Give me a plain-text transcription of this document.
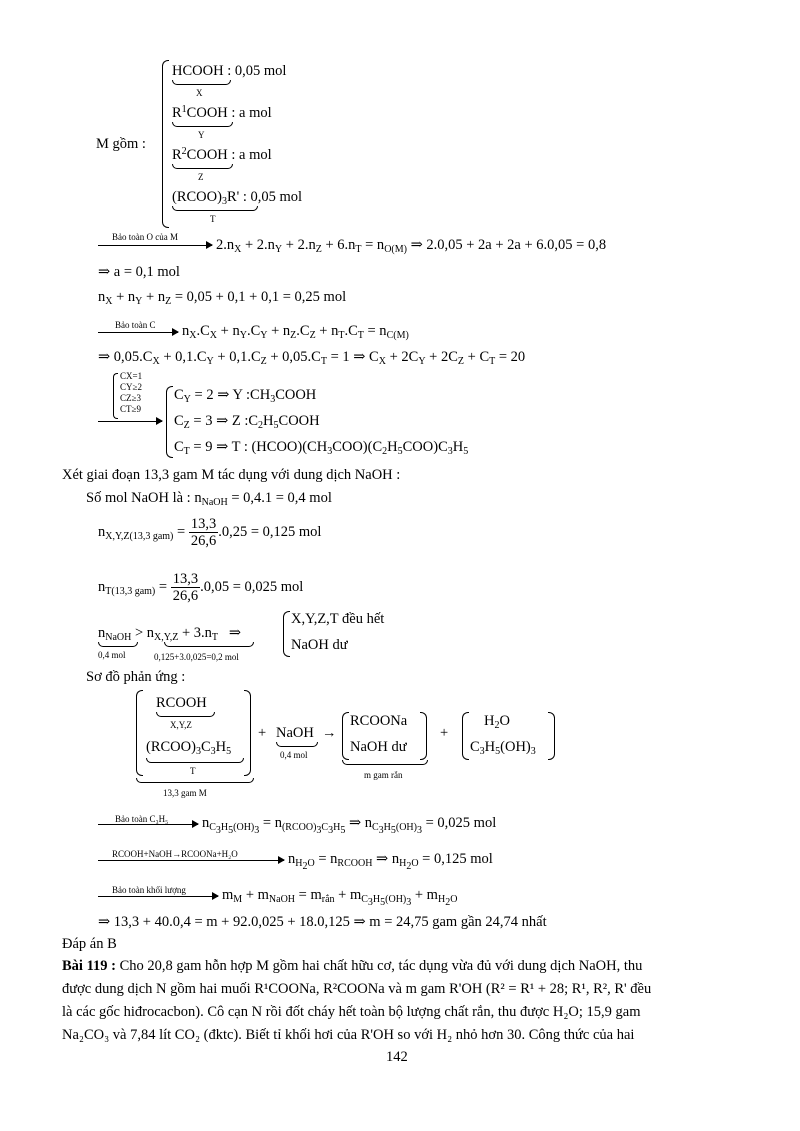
M gồm :
HCOOH : 0,05 mol
X
$R^1COOH$ : a mol
Y
$R^2COOH$ : a mol
Z
$(RCOO)_3R'$ : 0,05 mol
T
Bảo toàn O của M	$2.n_X + 2.n_Y + 2.n_Z + 6.n_T = n_{O(M)}$ ⇒ 2.0,05 + 2a + 2a + 6.0,05 = 0,8
⇒ a = 0,1 mol
$n_X + n_Y + n_Z = 0,05 + 0,1 + 0,1 = 0,25$ mol
Bảo toàn C $n_X.C_X + n_Y.C_Y + n_Z.C_Z + n_T.C_T = n_{C(M)}$
⇒ $0,05.C_X + 0,1.C_Y + 0,1.C_Z + 0,05.C_T = 1$ ⇒ $C_X + 2C_Y + 2C_Z + C_T = 20$
CX=1
CY≥2
CZ≥3
CT≥9
$C_Y = 2$ ⇒ Y $:CH_3COOH$
$C_Z = 3$ ⇒ Z $:C_2H_5COOH$
$C_T = 9$ ⇒ T : $(HCOO)(CH_3COO)(C_2H_5COO)C_3H_5$
Xét giai đoạn 13,3 gam M tác dụng với dung dịch NaOH :
Số mol NaOH là : $n_{NaOH} = 0,4.1 = 0,4$ mol
$n_{X,Y,Z(13,3 gam)} = \frac{13,3}{26,6} .0,25 = 0,125$ mol
$n_{T(13,3 gam)} = \frac{13,3}{26,6} .0,05 = 0,025$ mol
$n_{NaOH} > n_{X,Y,Z} + 3.n_T$   ⇒
0,4 mol	0,125+3.0,025=0,2 mol
X,Y,Z,T đều hết
NaOH dư
Sơ đồ phản ứng :
RCOOH
X,Y,Z
$(RCOO)_3C_3H_5$
T
13,3 gam M
+ NaOH
0,4 mol
→
RCOONa
NaOH dư
m gam rắn
+
$H_2O$
$C_3H_5(OH)_3$
Bảo toàn C₃H₅ $n_{C_3H_5(OH)_3} = n_{(RCOO)_3C_3H_5}$ ⇒ $n_{C_3H_5(OH)_3} = 0,025$ mol
RCOOH+NaOH→RCOONa+H₂O	$n_{H_2O} = n_{RCOOH}$ ⇒ $n_{H_2O} = 0,125$ mol
Bảo toàn khối lượng $m_M + m_{NaOH} = m_{rắn} + m_{C_3H_5(OH)_3} + m_{H_2O}$
⇒ 13,3 + 40.0,4 = m + 92.0,025 + 18.0,125 ⇒ m = 24,75 gam gần 24,74 nhất
Đáp án B
Bài 119 : Cho 20,8 gam hỗn hợp M gồm hai chất hữu cơ, tác dụng vừa đủ với dung dịch NaOH, thu
được dung dịch N gồm hai muối R¹COONa, R²COONa và m gam R'OH (R² = R¹ + 28; R¹, R², R' đều
là các gốc hiđrocacbon). Cô cạn N rồi đốt cháy hết toàn bộ lượng chất rắn, thu được H₂O; 15,9 gam
Na₂CO₃ và 7,84 lít CO₂ (đktc). Biết tỉ khối hơi của R'OH so với H₂ nhỏ hơn 30. Công thức của hai
142
